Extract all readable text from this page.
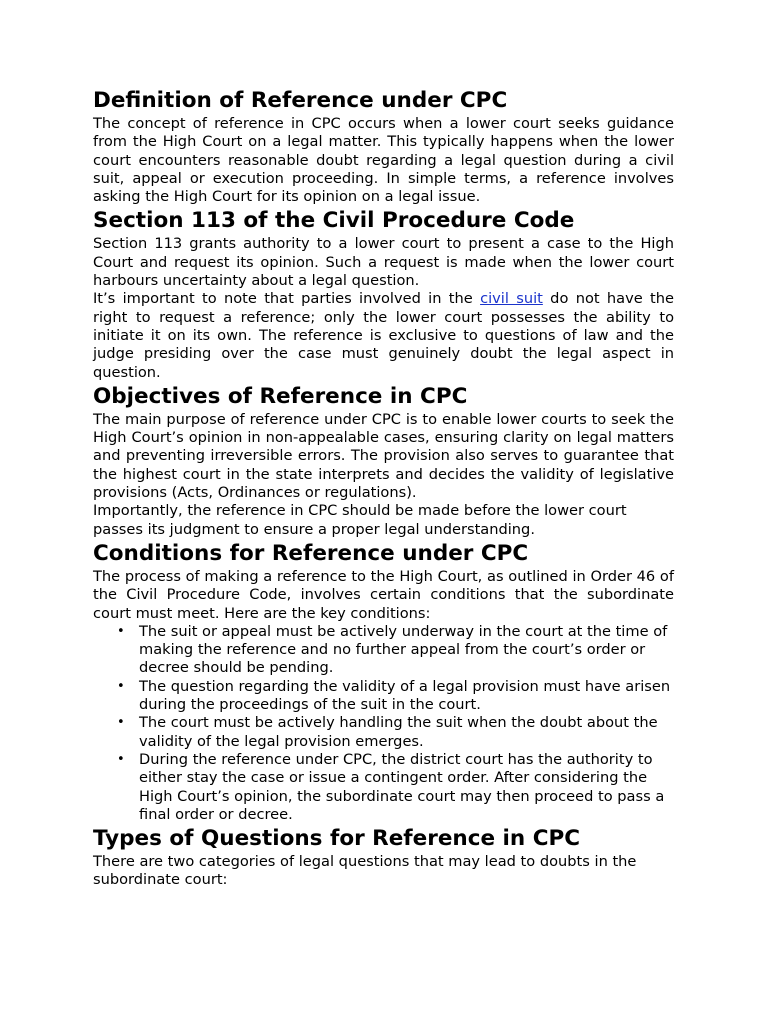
Definition of Reference under CPC

The concept of reference in CPC occurs when a lower court seeks guidance from the High Court on a legal matter. This typically happens when the lower court encounters reasonable doubt regarding a legal question during a civil suit, appeal or execution proceeding. In simple terms, a reference involves asking the High Court for its opinion on a legal issue.

Section 113 of the Civil Procedure Code

Section 113 grants authority to a lower court to present a case to the High Court and request its opinion. Such a request is made when the lower court harbours uncertainty about a legal question.

It’s important to note that parties involved in the civil suit do not have the right to request a reference; only the lower court possesses the ability to initiate it on its own. The reference is exclusive to questions of law and the judge presiding over the case must genuinely doubt the legal aspect in question.

Objectives of Reference in CPC

The main purpose of reference under CPC is to enable lower courts to seek the High Court’s opinion in non-appealable cases, ensuring clarity on legal matters and preventing irreversible errors. The provision also serves to guarantee that the highest court in the state interprets and decides the validity of legislative provisions (Acts, Ordinances or regulations).

Importantly, the reference in CPC should be made before the lower court passes its judgment to ensure a proper legal understanding.

Conditions for Reference under CPC

The process of making a reference to the High Court, as outlined in Order 46 of the Civil Procedure Code, involves certain conditions that the subordinate court must meet. Here are the key conditions:

• The suit or appeal must be actively underway in the court at the time of making the reference and no further appeal from the court’s order or decree should be pending.
• The question regarding the validity of a legal provision must have arisen during the proceedings of the suit in the court.
• The court must be actively handling the suit when the doubt about the validity of the legal provision emerges.
• During the reference under CPC, the district court has the authority to either stay the case or issue a contingent order. After considering the High Court’s opinion, the subordinate court may then proceed to pass a final order or decree.
Types of Questions for Reference in CPC

There are two categories of legal questions that may lead to doubts in the subordinate court:
